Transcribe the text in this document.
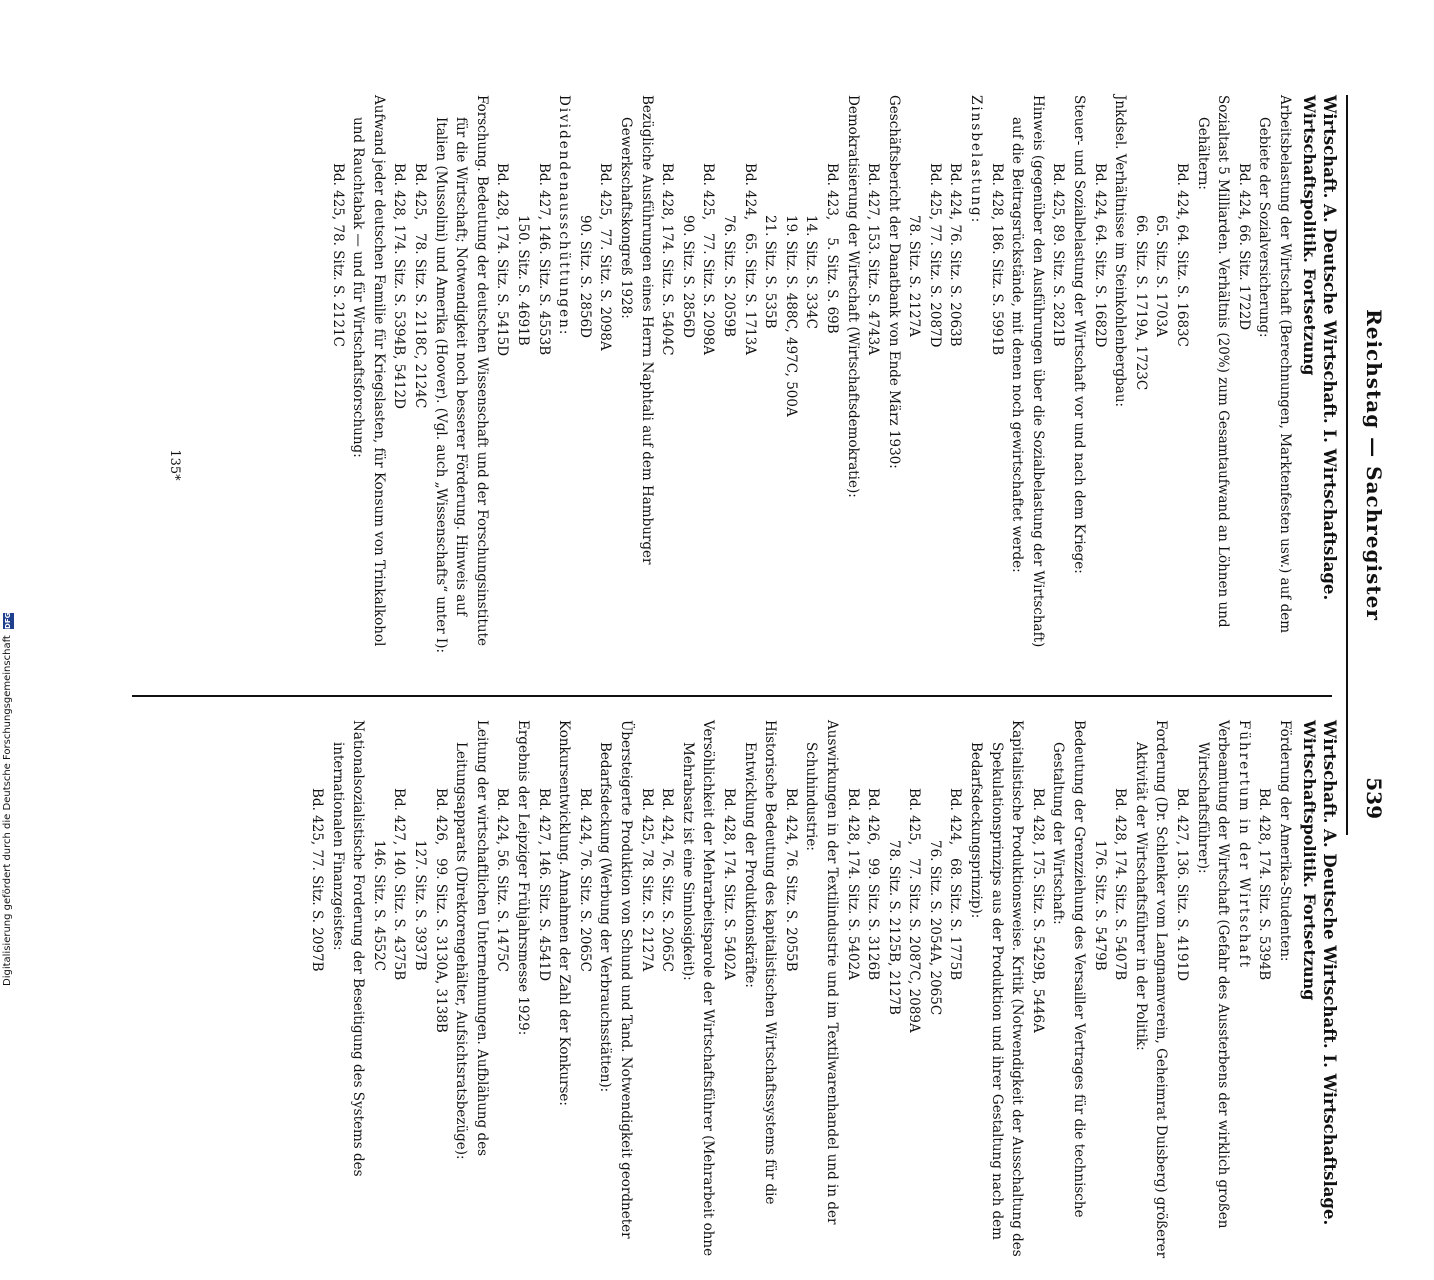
Reichstag — Sachregister
539
Wirtschaft. A. Deutsche Wirtschaft. I. Wirtschaftslage.
Wirtschaftspolitik. Fortsetzung
Arbeitsbelastung der Wirtschaft (Berechnungen, Marktenfesten usw.) auf dem Gebiete der Sozialversicherung:
Bd. 424, 66. Sitz. 1722D
Sozialtast 5 Milliarden. Verhältnis (20%) zum Gesamtaufwand an Löhnen und Gehältern:
Bd. 424, 64. Sitz. S. 1683C
65. Sitz. S. 1703A
66. Sitz. S. 1719A, 1723C
Jnkdsel. Verhältnisse im Steinkohlenbergbau:
Bd. 424, 64. Sitz. S. 1682D
Steuer- und Sozialbelastung der Wirtschaft vor und nach dem Kriege:
Bd. 425, 89. Sitz. S. 2821B
Hinweis (gegenüber den Ausführungen über die Sozialbelastung der Wirtschaft) auf die Beitragsrückstände, mit denen noch gewirtschaftet werde:
Bd. 428, 186. Sitz. S. 5991B
Zinsbelastung:
Bd. 424, 76. Sitz. S. 2063B
Bd. 425, 77. Sitz. S. 2087D
78. Sitz. S. 2127A
Geschäftsbericht der Danatbank von Ende März 1930:
Bd. 427, 153. Sitz. S. 4743A
Demokratisierung der Wirtschaft (Wirtschaftsdemokratie):
Bd. 423,    5. Sitz. S. 69B
14. Sitz. S. 334C
19. Sitz. S. 488C, 497C, 500A
21. Sitz. S. 535B
Bd. 424,   65. Sitz. S. 1713A
76. Sitz. S. 2059B
Bd. 425,   77. Sitz. S. 2098A
90. Sitz. S. 2856D
Bd. 428, 174. Sitz. S. 5404C
Bezügliche Ausführungen eines Herrn Naphtali auf dem Hamburger Gewerkschaftskongreß 1928:
Bd. 425,  77. Sitz. S. 2098A
90. Sitz. S. 2856D
Dividendenausschüttungen:
Bd. 427, 146. Sitz. S. 4553B
150. Sitz. S. 4691B
Bd. 428, 174. Sitz. S. 5415D
Forschung. Bedeutung der deutschen Wissenschaft und der Forschungsinstitute für die Wirtschaft; Notwendigkeit noch besserer Förderung. Hinweis auf Italien (Mussolini) und Amerika (Hoover). (Vgl. auch „Wissenschafts“ unter I):
Bd. 425,   78. Sitz. S. 2118C, 2124C
Bd. 428, 174. Sitz. S. 5394B, 5412D
Aufwand jeder deutschen Familie für Kriegslasten, für Konsum von Trinkalkohol und Rauchtabak — und für Wirtschaftsforschung:
Bd. 425, 78. Sitz. S. 2121C
Wirtschaft. A. Deutsche Wirtschaft. I. Wirtschaftslage.
Wirtschaftspolitik. Fortsetzung
Förderung der Amerika-Studenten:
Bd. 428, 174. Sitz. S. 5394B
Führertum in der Wirtschaft
Verbeamtung der Wirtschaft (Gefahr des Aussterbens der wirklich großen Wirtschaftsführer):
Bd. 427, 136. Sitz. S. 4191D
Forderung (Dr. Schlenker vom Langnamverein, Geheimrat Duisberg) größerer Aktivität der Wirtschaftsführer in der Politik:
Bd. 428, 174. Sitz. S. 5407B
176. Sitz. S. 5479B
Bedeutung der Grenzziehung des Versailler Vertrages für die technische Gestaltung der Wirtschaft:
Bd. 428, 175. Sitz. S. 5429B, 5446A
Kapitalistische Produktionsweise. Kritik (Notwendigkeit der Ausschaltung des Spekulationsprinzips aus der Produktion und ihrer Gestaltung nach dem Bedarfsdeckungsprinzip):
Bd. 424,   68. Sitz. S. 1775B
76. Sitz. S. 2054A, 2065C
Bd. 425,   77. Sitz. S. 2087C, 2089A
78. Sitz. S. 2125B, 2127B
Bd. 426,   99. Sitz. S. 3126B
Bd. 428, 174. Sitz. S. 5402A
Auswirkungen in der Textilindustrie und im Textilwarenhandel und in der Schuhindustrie:
Bd. 424, 76. Sitz. S. 2055B
Historische Bedeutung des kapitalistischen Wirtschaftssystems für die Entwicklung der Produktionskräfte:
Bd. 428, 174. Sitz. S. 5402A
Versöhlichkeit der Mehrarbeitsparole der Wirtschaftsführer (Mehrarbeit ohne Mehrabsatz ist eine Sinnlosigkeit):
Bd. 424, 76. Sitz. S. 2065C
Bd. 425, 78. Sitz. S. 2127A
Übersteigerte Produktion von Schund und Tand. Notwendigkeit geordneter Bedarfsdeckung (Werbung der Verbrauchsstätten):
Bd. 424, 76. Sitz. S. 2065C
Konkursentwicklung. Annahmen der Zahl der Konkurse:
Bd. 427, 146. Sitz. S. 4541D
Ergebnis der Leipziger Frühjahrsmesse 1929:
Bd. 424, 56. Sitz. S. 1475C
Leitung der wirtschaftlichen Unternehmungen. Aufblähung des Leitungsapparats (Direktorengehälter, Aufsichtsratsbezüge):
Bd. 426,   99. Sitz. S. 3130A, 3138B
127. Sitz. S. 3937B
Bd. 427, 140. Sitz. S. 4375B
146. Sitz. S. 4552C
Nationalsozialistische Forderung der Beseitigung des Systems des internationalen Finanzgeistes:
Bd. 425, 77. Sitz. S. 2097B
135*
Digitalisierung gefördert durch die Deutsche Forschungsgemeinschaft DFG
